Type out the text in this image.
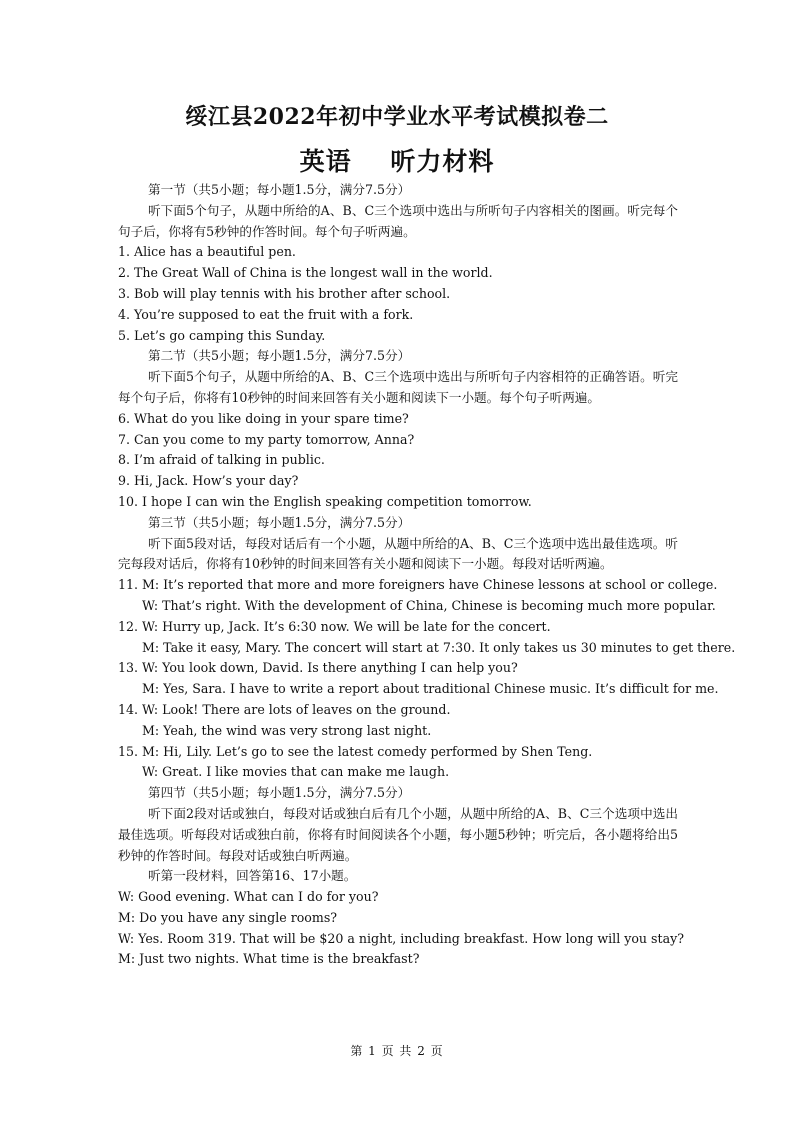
绥江县2022年初中学业水平考试模拟卷二
英语    听力材料

第一节（共5小题；每小题1.5分，满分7.5分）

听下面5个句子，从题中所给的A、B、C三个选项中选出与所听句子内容相关的图画。听完每个句子后，你将有5秒钟的作答时间。每个句子听两遍。

1. Alice has a beautiful pen.

2. The Great Wall of China is the longest wall in the world.

3. Bob will play tennis with his brother after school.

4. You’re supposed to eat the fruit with a fork.

5. Let’s go camping this Sunday.

第二节（共5小题；每小题1.5分，满分7.5分）

听下面5个句子，从题中所给的A、B、C三个选项中选出与所听句子内容相符的正确答语。听完每个句子后，你将有10秒钟的时间来回答有关小题和阅读下一小题。每个句子听两遍。

6. What do you like doing in your spare time?

7. Can you come to my party tomorrow, Anna?

8. I’m afraid of talking in public.

9. Hi, Jack. How’s your day?

10. I hope I can win the English speaking competition tomorrow.

第三节（共5小题；每小题1.5分，满分7.5分）

听下面5段对话，每段对话后有一个小题，从题中所给的A、B、C三个选项中选出最佳选项。听完每段对话后，你将有10秒钟的时间来回答有关小题和阅读下一小题。每段对话听两遍。

11. M: It’s reported that more and more foreigners have Chinese lessons at school or college.

W: That’s right. With the development of China, Chinese is becoming much more popular.

12. W: Hurry up, Jack. It’s 6:30 now. We will be late for the concert.

M: Take it easy, Mary. The concert will start at 7:30. It only takes us 30 minutes to get there.

13. W: You look down, David. Is there anything I can help you?

M: Yes, Sara. I have to write a report about traditional Chinese music. It’s difficult for me.

14. W: Look! There are lots of leaves on the ground.

M: Yeah, the wind was very strong last night.

15. M: Hi, Lily. Let’s go to see the latest comedy performed by Shen Teng.

W: Great. I like movies that can make me laugh.

第四节（共5小题；每小题1.5分，满分7.5分）

听下面2段对话或独白，每段对话或独白后有几个小题，从题中所给的A、B、C三个选项中选出最佳选项。听每段对话或独白前，你将有时间阅读各个小题，每小题5秒钟；听完后，各小题将给出5秒钟的作答时间。每段对话或独白听两遍。

听第一段材料，回答第16、17小题。

W: Good evening. What can I do for you?

M: Do you have any single rooms?

W: Yes. Room 319. That will be $20 a night, including breakfast. How long will you stay?

M: Just two nights. What time is the breakfast?

第 1 页 共 2 页
